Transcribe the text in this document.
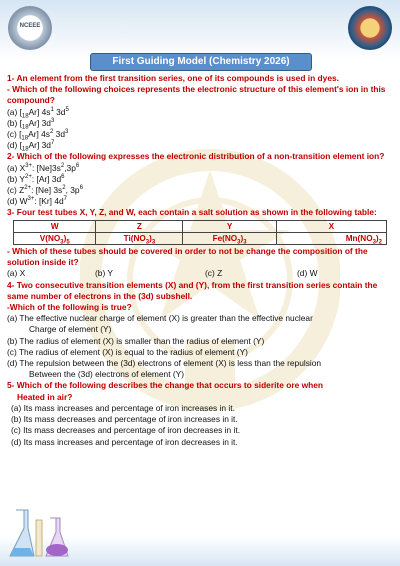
NCEEE
First Guiding Model (Chemistry 2026)

1- An element from the first transition series, one of its compounds is used in dyes.

- Which of the following choices represents the electronic structure of this element's ion in this compound?

(a) $[_{18}Ar]$ $4s^1$ $3d^5$

(b) $[_{18}Ar]$ $3d^3$

(c) $[_{18}Ar]$ $4s^2$ $3d^3$

(d) $[_{18}Ar]$ $3d^7$

2- Which of the following expresses the electronic distribution of a non-transition element ion?

(a) $X^{3+}$: $[Ne]3s^2,3p^6$

(b) $Y^{2+}$: [Ar] $3d^6$

(c) $Z^{2+}$: [Ne] $3s^2$, $3p^6$

(d) $W^{3+}$: [Kr] $4d^7$

3- Four test tubes X, Y, Z, and W, each contain a salt solution as shown in the following table:

W	Z	Y	X
$V(NO_3)_5$	$Ti(NO_3)_3$	$Fe(NO_3)_3$	$Mn(NO_3)_2$

- Which of these tubes should be covered in order to not be change the composition of the solution inside it?

(a) X	(b) Y	(c) Z	(d) W

4- Two consecutive transition elements (X) and (Y), from the first transition series contain the same number of electrons in the (3d) subshell.

-Which of the following is true?

(a) The effective nuclear charge of element (X) is greater than the effective nuclear

Charge of element (Y)

(b) The radius of element (X) is smaller than the radius of element (Y)

(c) The radius of element (X) is equal to the radius of element (Y)

(d) The repulsion between the (3d) electrons of element (X) is less than the repulsion

Between the (3d) electrons of element (Y)

5- Which of the following describes the change that occurs to siderite ore when

Heated in air?

(a) Its mass increases and percentage of iron increases in it.

(b) Its mass decreases and percentage of iron increases in it.

(c) Its mass decreases and percentage of iron decreases in it.

(d) Its mass increases and percentage of iron decreases in it.
